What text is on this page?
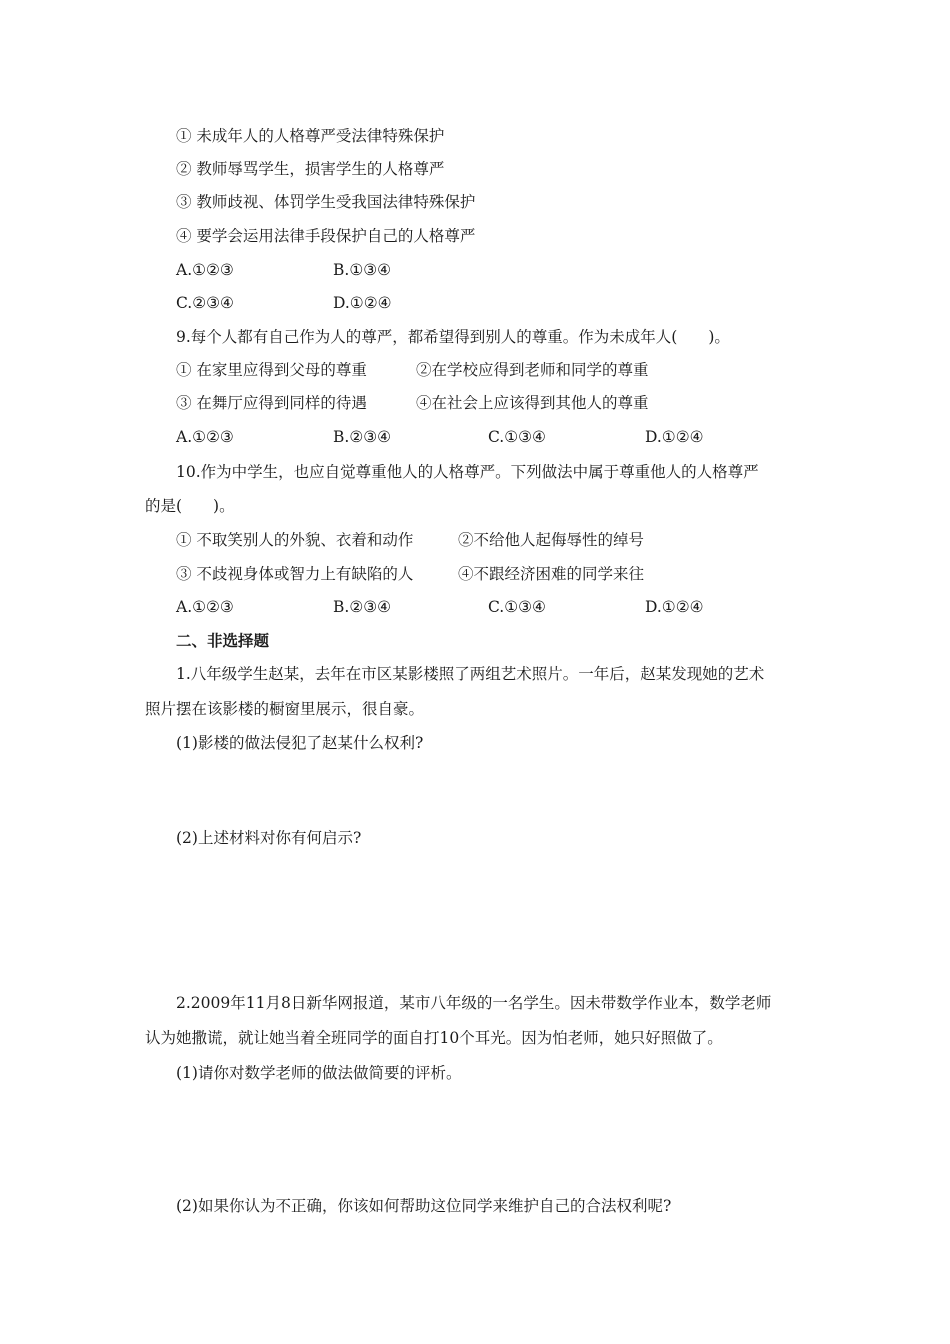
① 未成年人的人格尊严受法律特殊保护
② 教师辱骂学生，损害学生的人格尊严
③ 教师歧视、体罚学生受我国法律特殊保护
④ 要学会运用法律手段保护自己的人格尊严
A.①②③	B.①③④
C.②③④	D.①②④
9.每个人都有自己作为人的尊严，都希望得到别人的尊重。作为未成年人(　　)。
① 在家里应得到父母的尊重	②在学校应得到老师和同学的尊重
③ 在舞厅应得到同样的待遇	④在社会上应该得到其他人的尊重
A.①②③	B.②③④	C.①③④	D.①②④
10.作为中学生，也应自觉尊重他人的人格尊严。下列做法中属于尊重他人的人格尊严
的是(　　)。
① 不取笑别人的外貌、衣着和动作	②不给他人起侮辱性的绰号
③ 不歧视身体或智力上有缺陷的人	④不跟经济困难的同学来往
A.①②③	B.②③④	C.①③④	D.①②④
二、非选择题
1.八年级学生赵某，去年在市区某影楼照了两组艺术照片。一年后，赵某发现她的艺术
照片摆在该影楼的橱窗里展示，很自豪。
(1)影楼的做法侵犯了赵某什么权利?
(2)上述材料对你有何启示?
2.2009年11月8日新华网报道，某市八年级的一名学生。因未带数学作业本，数学老师
认为她撒谎，就让她当着全班同学的面自打10个耳光。因为怕老师，她只好照做了。
(1)请你对数学老师的做法做简要的评析。
(2)如果你认为不正确，你该如何帮助这位同学来维护自己的合法权利呢?
